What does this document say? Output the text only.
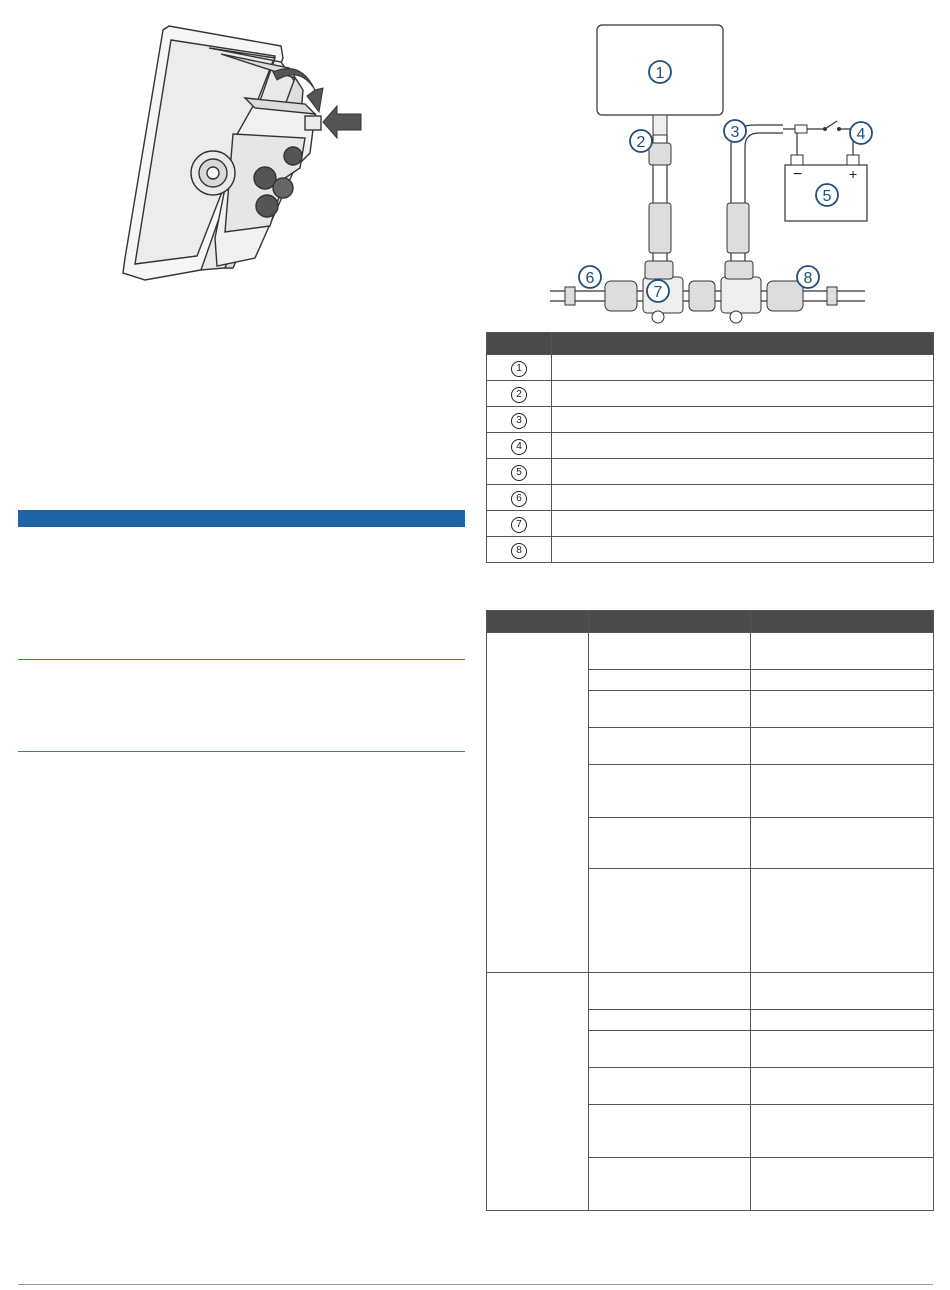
−	+
1
2
3	4
5
6
7
8

1	
2	
3	
4	
5	
6	
7	
8	
